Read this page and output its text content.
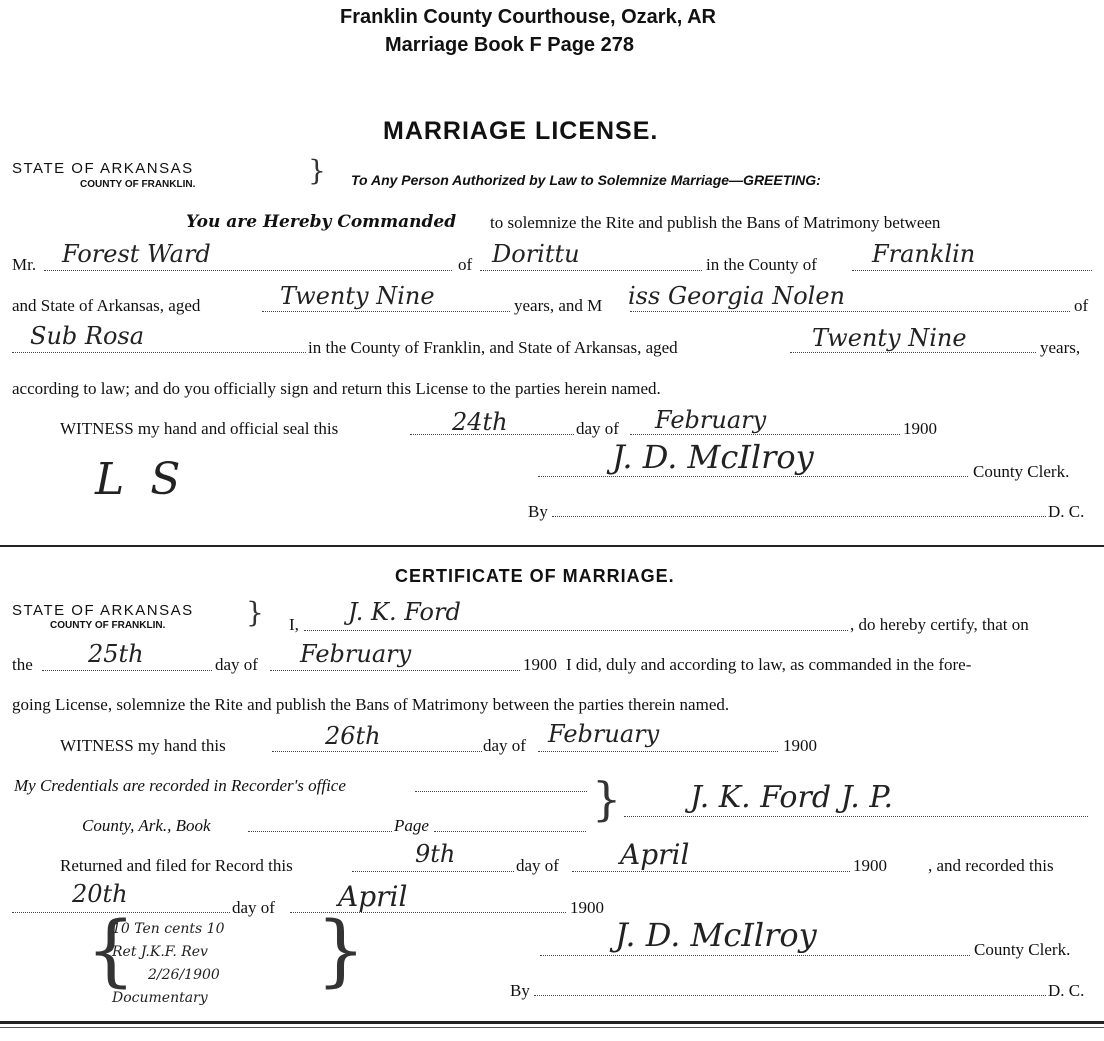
Franklin County Courthouse, Ozark, AR
Marriage Book F Page 278
MARRIAGE LICENSE.
STATE OF ARKANSAS
COUNTY OF FRANKLIN.	} To Any Person Authorized by Law to Solemnize Marriage—GREETING:
You are Hereby Commanded to solemnize the Rite and publish the Bans of Matrimony between
Mr. Forest Ward	of Dorittu	in the County of Franklin
and State of Arkansas, aged	Twenty Nine	years, and M iss Georgia Nolen	of
Sub Rosa	in the County of Franklin, and State of Arkansas, aged	Twenty Nine	years,
according to law; and do you officially sign and return this License to the parties herein named.
WITNESS my hand and official seal this	24th	day of February	1900
L S	J. D. McIlroy	County Clerk.
By	D. C.
CERTIFICATE OF MARRIAGE.
STATE OF ARKANSAS
COUNTY OF FRANKLIN.	} I, J. K. Ford	, do hereby certify, that on
the 25th	day of February	1900 I did, duly and according to law, as commanded in the fore-
going License, solemnize the Rite and publish the Bans of Matrimony between the parties therein named.
WITNESS my hand this	26th	day of February	1900
My Credentials are recorded in Recorder's office
County, Ark., Book	Page	} J. K. Ford J. P.
Returned and filed for Record this	9th	day of April	1900 , and recorded this
20th	day of April	1900
{
10 Ten cents 10
Ret J.K.F. Rev
2/26/1900
Documentary
}	J. D. McIlroy	County Clerk.
By	D. C.
